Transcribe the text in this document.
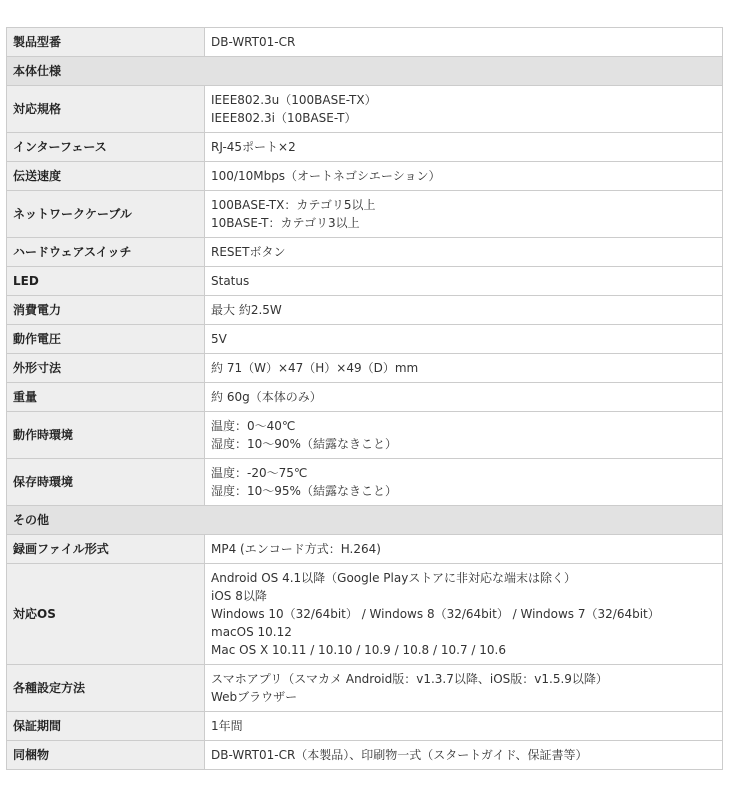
製品型番	DB-WRT01-CR

本体仕様	
対応規格	IEEE802.3u（100BASE-TX）
IEEE802.3i（10BASE-T）

インターフェース	RJ-45ポート×2

伝送速度	100/10Mbps（オートネゴシエーション）

ネットワークケーブル	100BASE-TX：カテゴリ5以上
10BASE-T：カテゴリ3以上

ハードウェアスイッチ	RESETボタン

LED	Status

消費電力	最大 約2.5W

動作電圧	5V

外形寸法	約 71（W）×47（H）×49（D）mm

重量	約 60g（本体のみ）

動作時環境	温度：0～40℃
湿度：10～90%（結露なきこと）

保存時環境	温度：-20～75℃
湿度：10～95%（結露なきこと）

その他	
録画ファイル形式	MP4 (エンコード方式：H.264)

対応OS	Android OS 4.1以降（Google Playストアに非対応な端末は除く）
iOS 8以降
Windows 10（32/64bit） / Windows 8（32/64bit） / Windows 7（32/64bit）
macOS 10.12
Mac OS X 10.11 / 10.10 / 10.9 / 10.8 / 10.7 / 10.6

各種設定方法	スマホアプリ（スマカメ Android版：v1.3.7以降、iOS版：v1.5.9以降）
Webブラウザー

保証期間	1年間

同梱物	DB-WRT01-CR（本製品）、印刷物一式（スタートガイド、保証書等）
